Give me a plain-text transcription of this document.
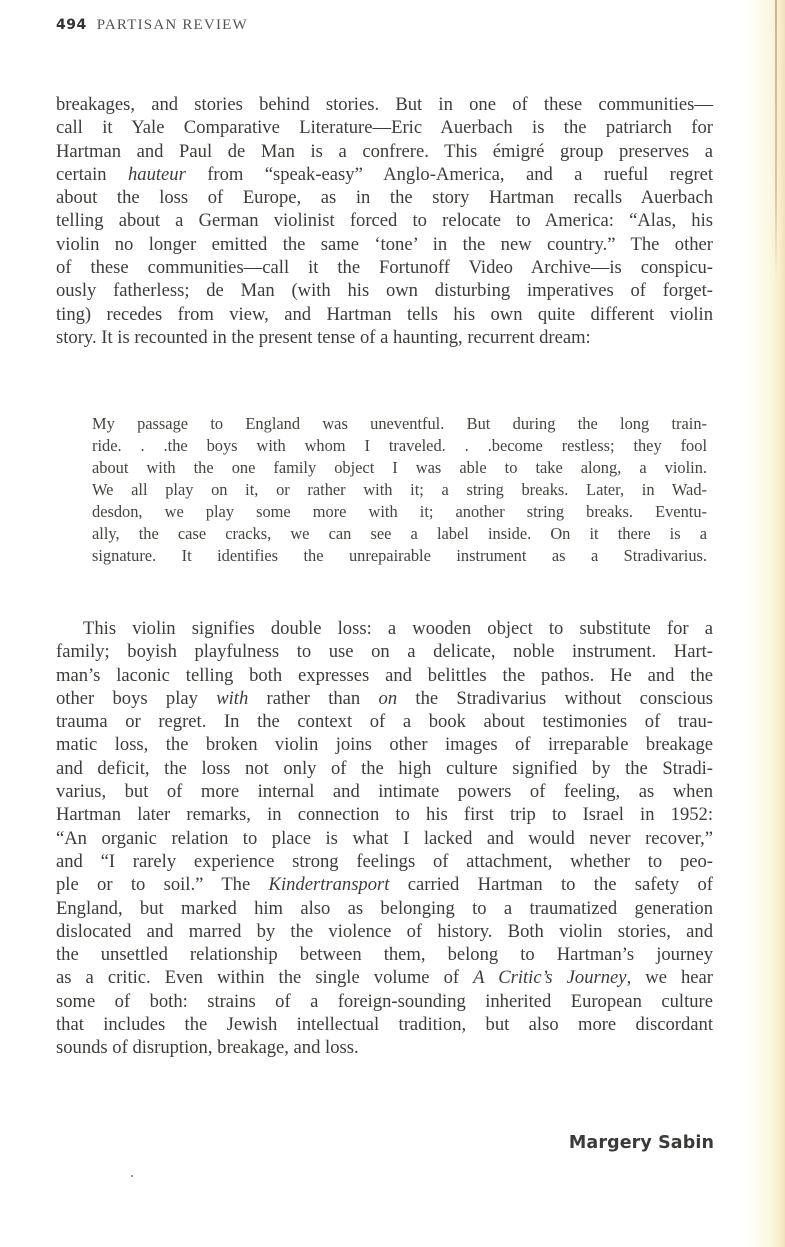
494 PARTISAN REVIEW
breakages, and stories behind stories. But in one of these communities—
call it Yale Comparative Literature—Eric Auerbach is the patriarch for
Hartman and Paul de Man is a confrere. This émigré group preserves a
certain hauteur from “speak-easy” Anglo-America, and a rueful regret
about the loss of Europe, as in the story Hartman recalls Auerbach
telling about a German violinist forced to relocate to America: “Alas, his
violin no longer emitted the same ‘tone’ in the new country.” The other
of these communities—call it the Fortunoff Video Archive—is conspicu-
ously fatherless; de Man (with his own disturbing imperatives of forget-
ting) recedes from view, and Hartman tells his own quite different violin
story. It is recounted in the present tense of a haunting, recurrent dream:
My passage to England was uneventful. But during the long train-
ride. . .the boys with whom I traveled. . .become restless; they fool
about with the one family object I was able to take along, a violin.
We all play on it, or rather with it; a string breaks. Later, in Wad-
desdon, we play some more with it; another string breaks. Eventu-
ally, the case cracks, we can see a label inside. On it there is a
signature. It identifies the unrepairable instrument as a Stradivarius.
This violin signifies double loss: a wooden object to substitute for a
family; boyish playfulness to use on a delicate, noble instrument. Hart-
man’s laconic telling both expresses and belittles the pathos. He and the
other boys play with rather than on the Stradivarius without conscious
trauma or regret. In the context of a book about testimonies of trau-
matic loss, the broken violin joins other images of irreparable breakage
and deficit, the loss not only of the high culture signified by the Stradi-
varius, but of more internal and intimate powers of feeling, as when
Hartman later remarks, in connection to his first trip to Israel in 1952:
“An organic relation to place is what I lacked and would never recover,”
and “I rarely experience strong feelings of attachment, whether to peo-
ple or to soil.” The Kindertransport carried Hartman to the safety of
England, but marked him also as belonging to a traumatized generation
dislocated and marred by the violence of history. Both violin stories, and
the unsettled relationship between them, belong to Hartman’s journey
as a critic. Even within the single volume of A Critic’s Journey, we hear
some of both: strains of a foreign-sounding inherited European culture
that includes the Jewish intellectual tradition, but also more discordant
sounds of disruption, breakage, and loss.
Margery Sabin
